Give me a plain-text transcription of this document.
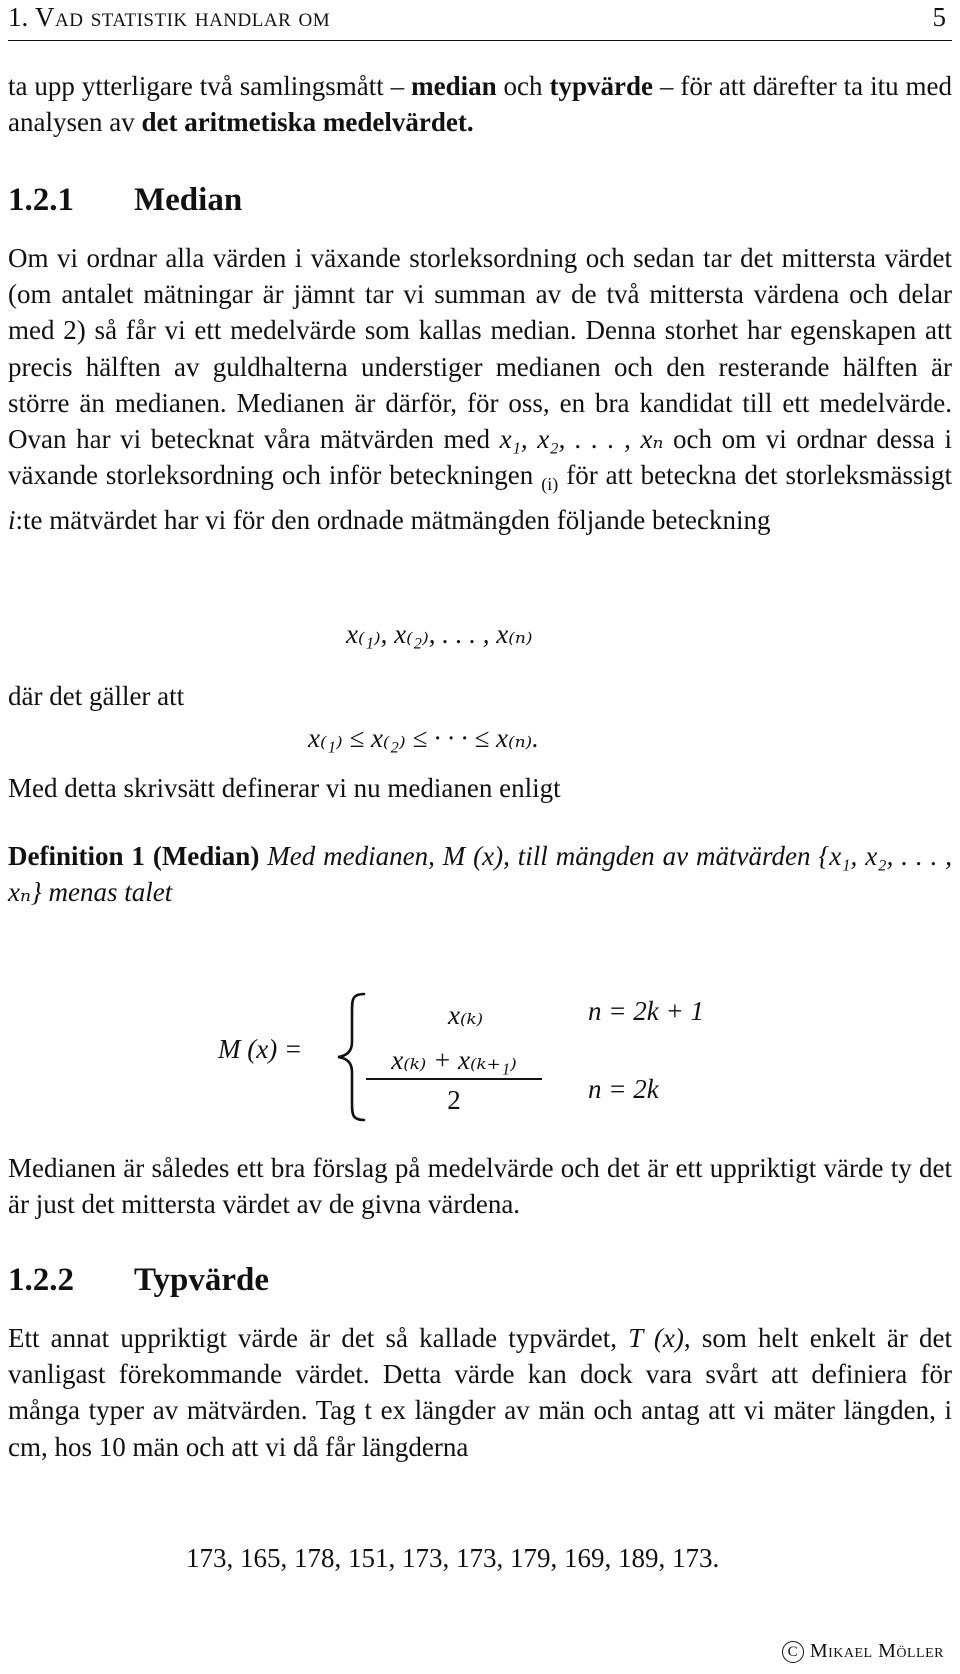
1. Vad statistik handlar om	5
ta upp ytterligare två samlingsmått – median och typvärde – för att därefter ta itu med analysen av det aritmetiska medelvärdet.
1.2.1 Median
Om vi ordnar alla värden i växande storleksordning och sedan tar det mittersta värdet (om antalet mätningar är jämnt tar vi summan av de två mittersta värdena och delar med 2) så får vi ett medelvärde som kallas median. Denna storhet har egenskapen att precis hälften av guldhalterna understiger medianen och den resterande hälften är större än medianen. Medianen är därför, för oss, en bra kandidat till ett medelvärde. Ovan har vi betecknat våra mätvärden med x₁, x₂, . . . , xₙ och om vi ordnar dessa i växande storleksordning och inför beteckningen $_{(i)}$ för att beteckna det storleksmässigt i:te mätvärdet har vi för den ordnade mätmängden följande beteckning
x₍₁₎, x₍₂₎, . . . , x₍ₙ₎
där det gäller att
x₍₁₎ ≤ x₍₂₎ ≤ · · · ≤ x₍ₙ₎.
Med detta skrivsätt definerar vi nu medianen enligt
Definition 1 (Median) Med medianen, M (x), till mängden av mätvärden {x₁, x₂, . . . , xₙ} menas talet
M (x) =
x₍ₖ₎	n = 2k + 1
x₍ₖ₎ + x₍ₖ₊₁₎
2	n = 2k
Medianen är således ett bra förslag på medelvärde och det är ett uppriktigt värde ty det är just det mittersta värdet av de givna värdena.
1.2.2 Typvärde
Ett annat uppriktigt värde är det så kallade typvärdet, T (x), som helt enkelt är det vanligast förekommande värdet. Detta värde kan dock vara svårt att definiera för många typer av mätvärden. Tag t ex längder av män och antag att vi mäter längden, i cm, hos 10 män och att vi då får längderna
173, 165, 178, 151, 173, 173, 179, 169, 189, 173.
C Mikael Möller
